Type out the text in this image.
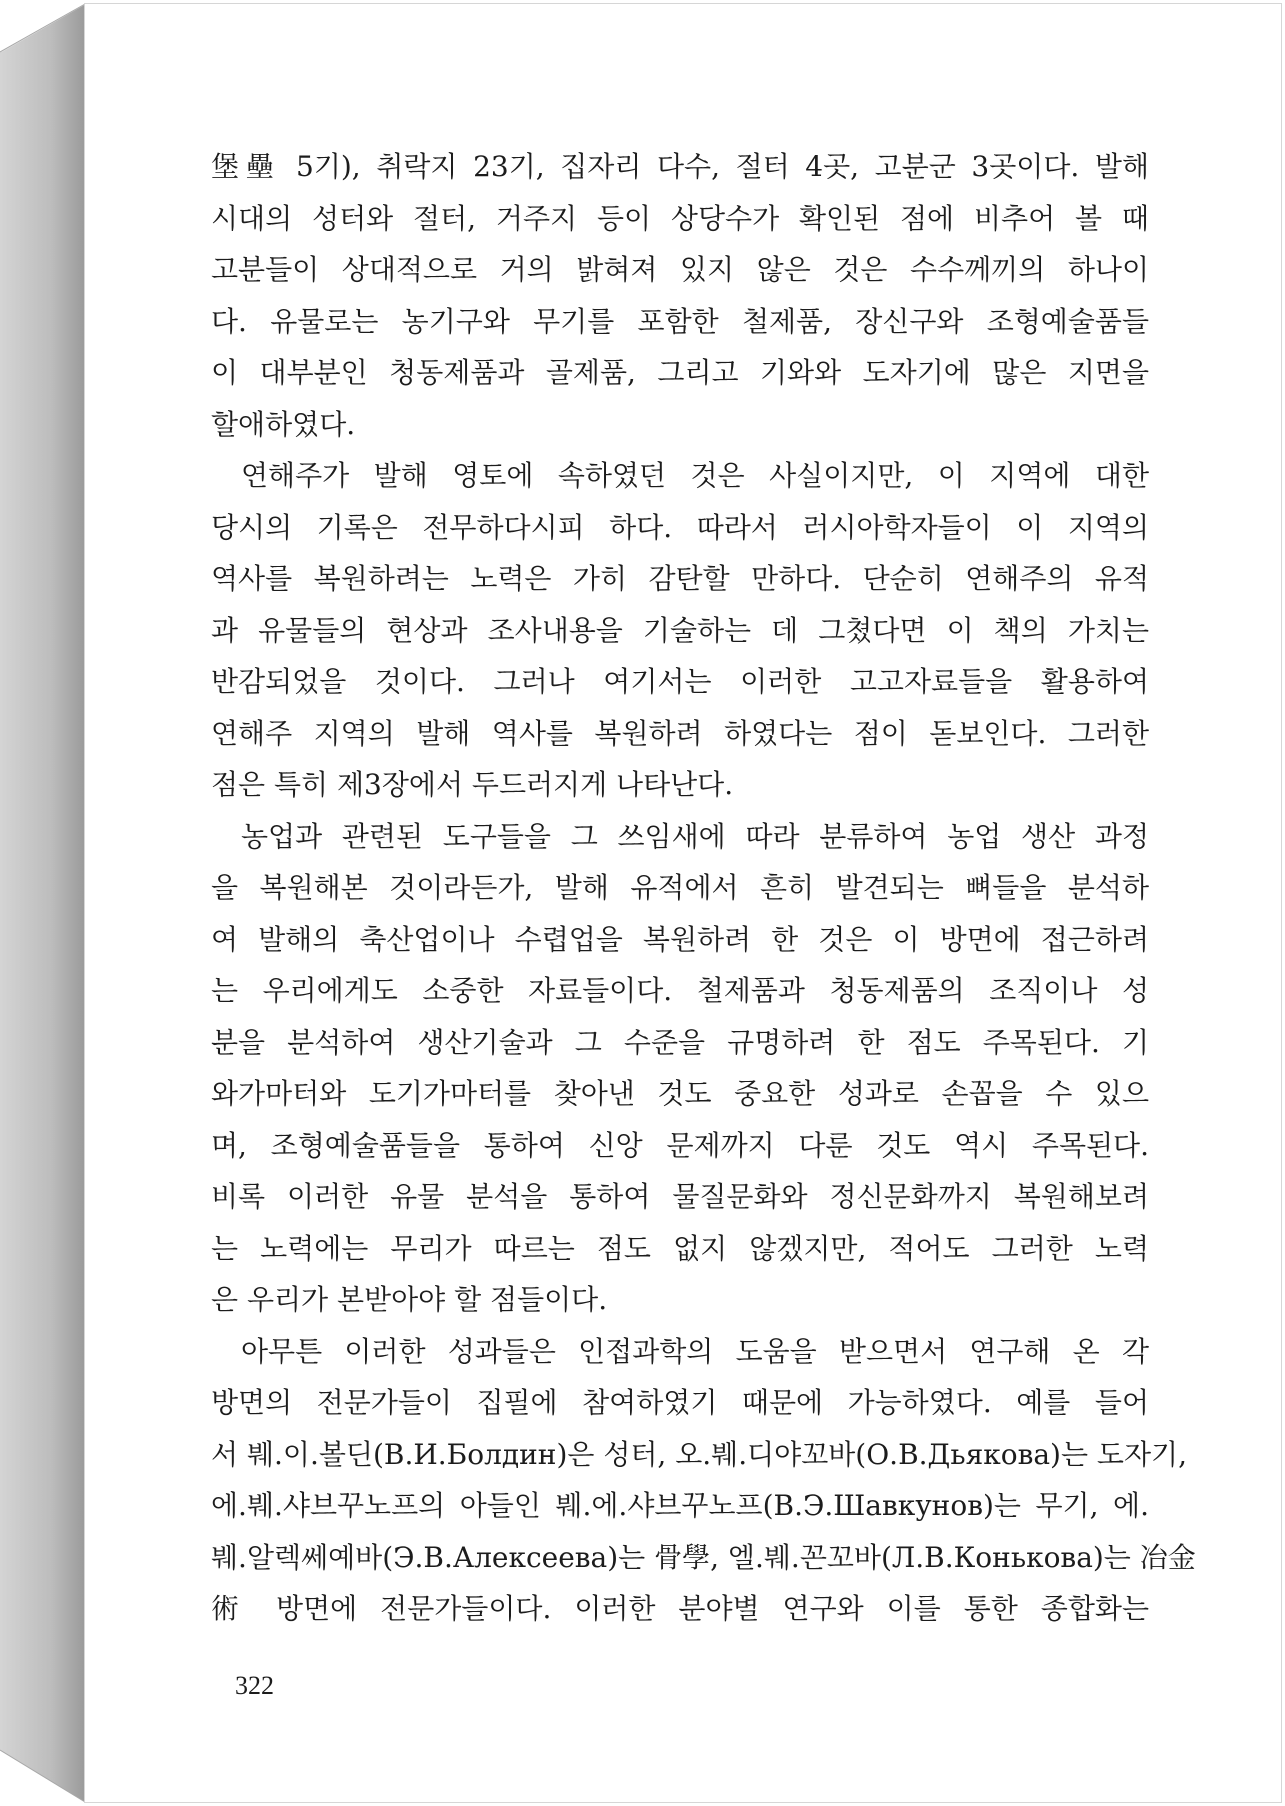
堡壘 5기), 취락지 23기, 집자리 다수, 절터 4곳, 고분군 3곳이다. 발해
시대의 성터와 절터, 거주지 등이 상당수가 확인된 점에 비추어 볼 때
고분들이 상대적으로 거의 밝혀져 있지 않은 것은 수수께끼의 하나이
다. 유물로는 농기구와 무기를 포함한 철제품, 장신구와 조형예술품들
이 대부분인 청동제품과 골제품, 그리고 기와와 도자기에 많은 지면을
할애하였다.
연해주가 발해 영토에 속하였던 것은 사실이지만, 이 지역에 대한
당시의 기록은 전무하다시피 하다. 따라서 러시아학자들이 이 지역의
역사를 복원하려는 노력은 가히 감탄할 만하다. 단순히 연해주의 유적
과 유물들의 현상과 조사내용을 기술하는 데 그쳤다면 이 책의 가치는
반감되었을 것이다. 그러나 여기서는 이러한 고고자료들을 활용하여
연해주 지역의 발해 역사를 복원하려 하였다는 점이 돋보인다. 그러한
점은 특히 제3장에서 두드러지게 나타난다.
농업과 관련된 도구들을 그 쓰임새에 따라 분류하여 농업 생산 과정
을 복원해본 것이라든가, 발해 유적에서 흔히 발견되는 뼈들을 분석하
여 발해의 축산업이나 수렵업을 복원하려 한 것은 이 방면에 접근하려
는 우리에게도 소중한 자료들이다. 철제품과 청동제품의 조직이나 성
분을 분석하여 생산기술과 그 수준을 규명하려 한 점도 주목된다. 기
와가마터와 도기가마터를 찾아낸 것도 중요한 성과로 손꼽을 수 있으
며, 조형예술품들을 통하여 신앙 문제까지 다룬 것도 역시 주목된다.
비록 이러한 유물 분석을 통하여 물질문화와 정신문화까지 복원해보려
는 노력에는 무리가 따르는 점도 없지 않겠지만, 적어도 그러한 노력
은 우리가 본받아야 할 점들이다.
아무튼 이러한 성과들은 인접과학의 도움을 받으면서 연구해 온 각
방면의 전문가들이 집필에 참여하였기 때문에 가능하였다. 예를 들어
서 붸.이.볼딘(В.И.Болдин)은 성터, 오.붸.디야꼬바(О.В.Дьякова)는 도자기,
에.붸.샤브꾸노프의 아들인 붸.에.샤브꾸노프(В.Э.Шавкунов)는 무기, 에.
붸.알렉쎄예바(Э.В.Алексеева)는 骨學, 엘.붸.꼰꼬바(Л.В.Конькова)는 冶金
術 방면에 전문가들이다. 이러한 분야별 연구와 이를 통한 종합화는
322
